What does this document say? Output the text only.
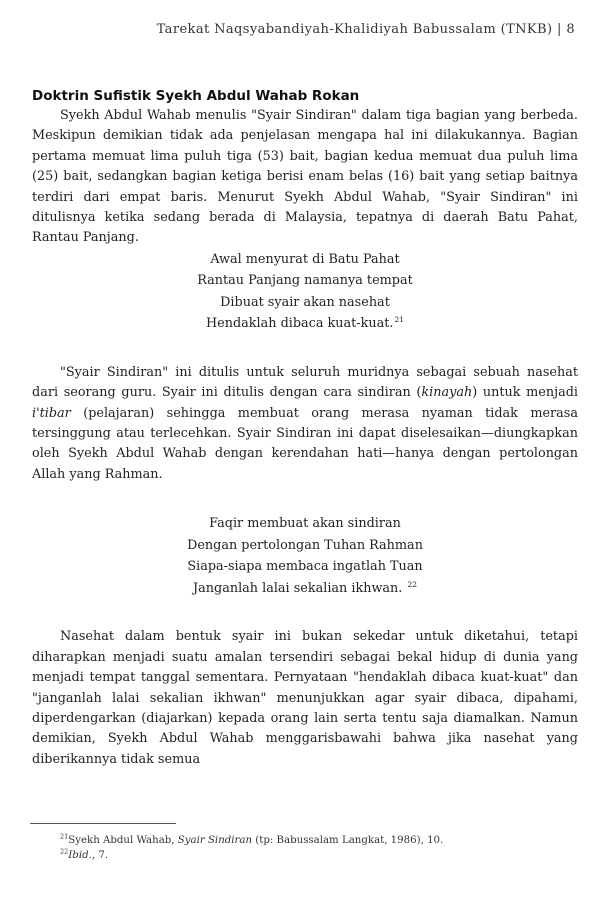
Tarekat Naqsyabandiyah-Khalidiyah Babussalam (TNKB) | 8
Doktrin Sufistik Syekh Abdul Wahab Rokan

Syekh Abdul Wahab menulis "Syair Sindiran" dalam tiga bagian yang berbeda. Meskipun demikian tidak ada penjelasan mengapa hal ini dilakukannya. Bagian pertama memuat lima puluh tiga (53) bait, bagian kedua memuat dua puluh lima (25) bait, sedangkan bagian ketiga berisi enam belas (16) bait yang setiap baitnya terdiri dari empat baris. Menurut Syekh Abdul Wahab, "Syair Sindiran" ini ditulisnya ketika sedang berada di Malaysia, tepatnya di daerah Batu Pahat, Rantau Panjang.

Awal menyurat di Batu Pahat
Rantau Panjang namanya tempat
Dibuat syair akan nasehat
Hendaklah dibaca kuat-kuat.$^{21}$

"Syair Sindiran" ini ditulis untuk seluruh muridnya sebagai sebuah nasehat dari seorang guru. Syair ini ditulis dengan cara sindiran (kinayah) untuk menjadi i'tibar (pelajaran) sehingga membuat orang merasa nyaman tidak merasa tersinggung atau terlecehkan. Syair Sindiran ini dapat diselesaikan—diungkapkan oleh Syekh Abdul Wahab dengan kerendahan hati—hanya dengan pertolongan Allah yang Rahman.

Faqir membuat akan sindiran
Dengan pertolongan Tuhan Rahman
Siapa-siapa membaca ingatlah Tuan
Janganlah lalai sekalian ikhwan. $^{22}$

Nasehat dalam bentuk syair ini bukan sekedar untuk diketahui, tetapi diharapkan menjadi suatu amalan tersendiri sebagai bekal hidup di dunia yang menjadi tempat tanggal sementara. Pernyataan "hendaklah dibaca kuat-kuat" dan "janganlah lalai sekalian ikhwan" menunjukkan agar syair dibaca, dipahami, diperdengarkan (diajarkan) kepada orang lain serta tentu saja diamalkan. Namun demikian, Syekh Abdul Wahab menggarisbawahi bahwa jika nasehat yang diberikannya tidak semua

$^{21}$Syekh Abdul Wahab, Syair Sindiran (tp: Babussalam Langkat, 1986), 10.
$^{22}$Ibid., 7.
